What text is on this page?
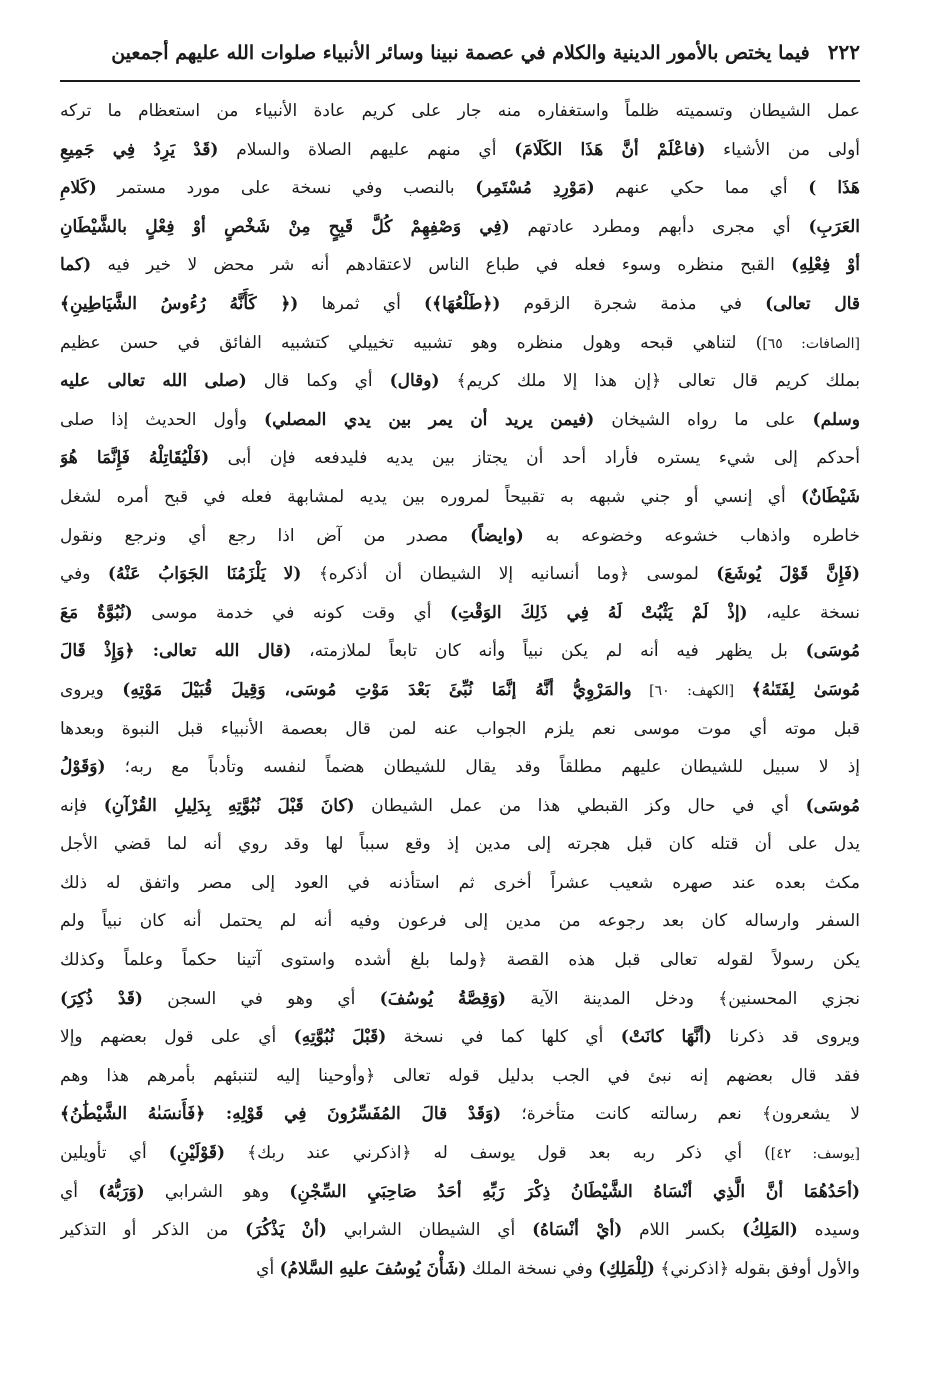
٢٢٢
فيما يختص بالأمور الدينية والكلام في عصمة نبينا وسائر الأنبياء صلوات الله عليهم أجمعين
عمل الشيطان وتسميته ظلماً واستغفاره منه جار على كريم عادة الأنبياء من استعظام ما تركه
أولى من الأشياء (فاعْلَمْ أنَّ هَذَا الكَلَامَ) أي منهم عليهم الصلاة والسلام (قَدْ يَرِدُ فِي جَمِيعِ
هَذَا ) أي مما حكي عنهم (مَوْرِدِ مُسْتَمِر) بالنصب وفي نسخة على مورد مستمر (كَلامِ
العَرَبِ) أي مجرى دأبهم ومطرد عادتهم (فِي وَصْفِهِمْ كُلَّ قَبِحٍ مِنْ شَخْصٍ أوْ فِعْلٍ بالشَّيْطَانِ
أوْ فِعْلِهِ) القبح منظره وسوء فعله في طباع الناس لاعتقادهم أنه شر محض لا خير فيه (كما
قال تعالى) في مذمة شجرة الزقوم (﴿طَلْعُهَا﴾) أي ثمرها (﴿ كَأَنَّهُ رُءُوسُ الشَّيَاطِينِ﴾
[الصافات: ٦٥]) لتناهي قبحه وهول منظره وهو تشبيه تخييلي كتشبيه الفائق في حسن عظيم
بملك كريم قال تعالى ﴿إن هذا إلا ملك كريم﴾ (وقال) أي وكما قال (صلى الله تعالى عليه
وسلم) على ما رواه الشيخان (فيمن يريد أن يمر بين يدي المصلي) وأول الحديث إذا صلى
أحدكم إلى شيء يستره فأراد أحد أن يجتاز بين يديه فليدفعه فإن أبى (فَلْيُقَاتِلْهُ فَإِنَّمَا هُوَ
شَيْطَانٌ) أي إنسي أو جني شبهه به تقبيحاً لمروره بين يديه لمشابهة فعله في قبح أمره لشغل
خاطره واذهاب خشوعه وخضوعه به (وايضاً) مصدر من آض اذا رجع أي ونرجع ونقول
(فَإِنَّ قَوْلَ يُوشَعَ) لموسى ﴿وما أنسانيه إلا الشيطان أن أذكره﴾ (لا يَلْزَمُنَا الجَوَابُ عَنْهُ) وفي
نسخة عليه، (إذْ لَمْ يَثْبُتْ لَهُ فِي ذَلِكَ الوَقْتِ) أي وقت كونه في خدمة موسى (نُبُوَّةٌ مَعَ
مُوسَى) بل يظهر فيه أنه لم يكن نبياً وأنه كان تابعاً لملازمته، (قال الله تعالى: ﴿وَإِذْ قَالَ
مُوسَىٰ لِفَتَىٰهُ﴾ [الكهف: ٦٠] والمَرْوِيُّ أنَّهُ إنَّمَا نُبِّئَ بَعْدَ مَوْتِ مُوسَى، وَقِيلَ قُبَيْلَ مَوْتِهِ) ويروى
قبل موته أي موت موسى نعم يلزم الجواب عنه لمن قال بعصمة الأنبياء قبل النبوة وبعدها
إذ لا سبيل للشيطان عليهم مطلقاً وقد يقال للشيطان هضماً لنفسه وتأدباً مع ربه؛ (وَقَوْلُ
مُوسَى) أي في حال وكز القبطي هذا من عمل الشيطان (كانَ قَبْلَ نُبُوَّتِهِ بِدَلِيلِ القُرْآنِ) فإنه
يدل على أن قتله كان قبل هجرته إلى مدين إذ وقع سبباً لها وقد روي أنه لما قضي الأجل
مكث بعده عند صهره شعيب عشراً أخرى ثم استأذنه في العود إلى مصر واتفق له ذلك
السفر وارساله كان بعد رجوعه من مدين إلى فرعون وفيه أنه لم يحتمل أنه كان نبياً ولم
يكن رسولاً لقوله تعالى قبل هذه القصة ﴿ولما بلغ أشده واستوى آتينا حكماً وعلماً وكذلك
نجزي المحسنين﴾ ودخل المدينة الآية (وَقِصَّةُ يُوسُفَ) أي وهو في السجن (قَدْ ذُكِرَ)
ويروى قد ذكرنا (أنَّهَا كانَتْ) أي كلها كما في نسخة (قَبْلَ نُبُوَّتِهِ) أي على قول بعضهم وإلا
فقد قال بعضهم إنه نبئ في الجب بدليل قوله تعالى ﴿وأوحينا إليه لتنبئهم بأمرهم هذا وهم
لا يشعرون﴾ نعم رسالته كانت متأخرة؛ (وَقَدْ قالَ المُفَسِّرُونَ فِي قَوْلِهِ: ﴿فَأَنسَىٰهُ الشَّيْطَٰنُ﴾
[يوسف: ٤٢]) أي ذكر ربه بعد قول يوسف له ﴿اذكرني عند ربك﴾ (قَوْلَيْنِ) أي تأويلين
(أحَدُهُمَا أنَّ الَّذِي أنْسَاهُ الشَّيْطَانُ ذِكْرَ رَبِّهِ أحَدُ صَاحِبَيِ السِّجْنِ) وهو الشرابي (وَرَبُّهُ) أي
وسيده (المَلِكُ) بكسر اللام (أيْ أنْسَاهُ) أي الشيطان الشرابي (أنْ يَذْكُرَ) من الذكر أو التذكير
والأول أوفق بقوله ﴿اذكرني﴾ (لِلْمَلِكِ) وفي نسخة الملك (شَأْنَ يُوسُفَ عليهِ السَّلامُ) أي
